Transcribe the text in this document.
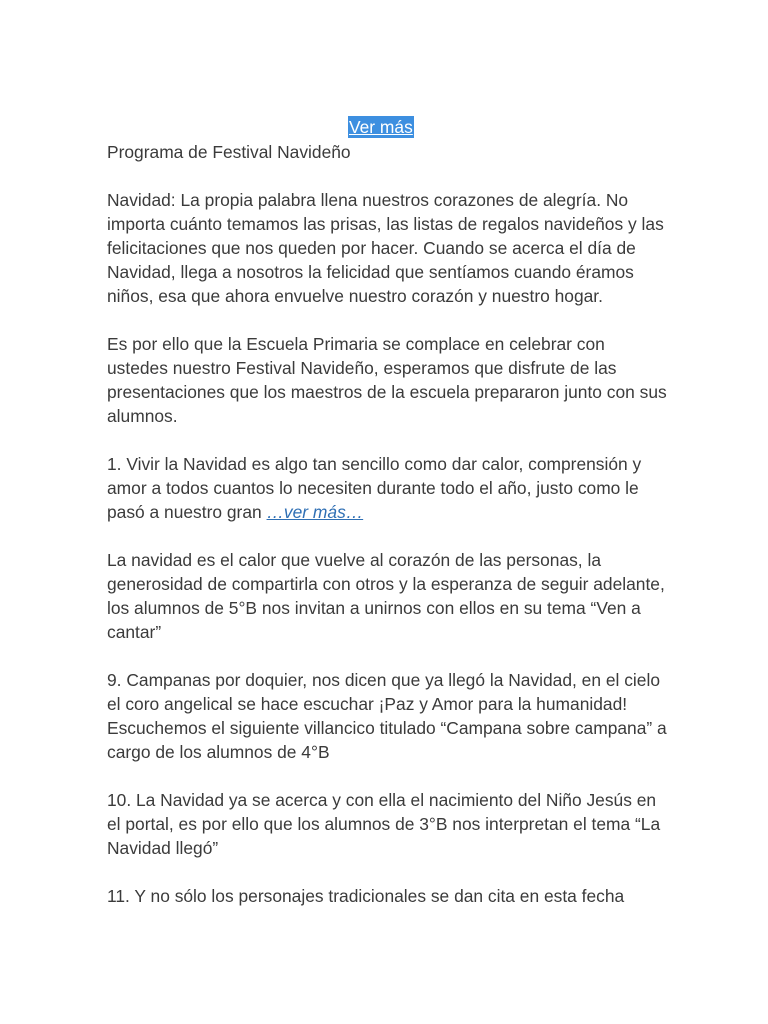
Ver más
Programa de Festival Navideño

Navidad: La propia palabra llena nuestros corazones de alegría. No importa cuánto temamos las prisas, las listas de regalos navideños y las felicitaciones que nos queden por hacer. Cuando se acerca el día de Navidad, llega a nosotros la felicidad que sentíamos cuando éramos niños, esa que ahora envuelve nuestro corazón y nuestro hogar.

Es por ello que la Escuela Primaria se complace en celebrar con ustedes nuestro Festival Navideño, esperamos que disfrute de las presentaciones que los maestros de la escuela prepararon junto con sus alumnos.

1. Vivir la Navidad es algo tan sencillo como dar calor, comprensión y amor a todos cuantos lo necesiten durante todo el año, justo como le pasó a nuestro gran …ver más…

La navidad es el calor que vuelve al corazón de las personas, la generosidad de compartirla con otros y la esperanza de seguir adelante, los alumnos de 5°B nos invitan a unirnos con ellos en su tema “Ven a cantar”

9. Campanas por doquier, nos dicen que ya llegó la Navidad, en el cielo el coro angelical se hace escuchar ¡Paz y Amor para la humanidad! Escuchemos el siguiente villancico titulado “Campana sobre campana” a cargo de los alumnos de 4°B

10. La Navidad ya se acerca y con ella el nacimiento del Niño Jesús en el portal, es por ello que los alumnos de 3°B nos interpretan el tema “La Navidad llegó”

11. Y no sólo los personajes tradicionales se dan cita en esta fecha
